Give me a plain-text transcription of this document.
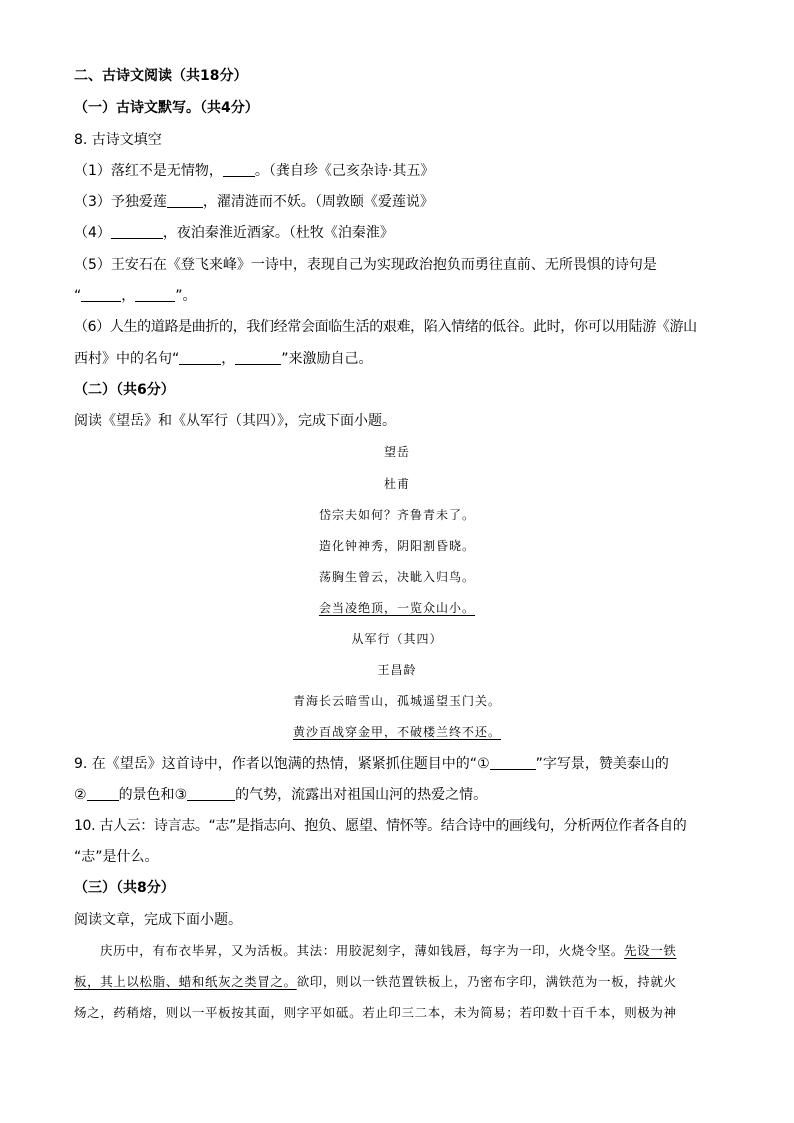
二、古诗文阅读（共18分）
（一）古诗文默写。（共4分）
8. 古诗文填空
（1）落红不是无情物， 。（龚自珍《己亥杂诗·其五》
（3）予独爱莲	，濯清涟而不妖。（周敦颐《爱莲说》
（4）	，夜泊秦淮近酒家。（杜牧《泊秦淮》
（5）王安石在《登飞来峰》一诗中，表现自己为实现政治抱负而勇往直前、无所畏惧的诗句是
“	，	”。
（6）人生的道路是曲折的，我们经常会面临生活的艰难，陷入情绪的低谷。此时，你可以用陆游《游山
西村》中的名句“	，	”来激励自己。
（二）（共6分）
阅读《望岳》和《从军行（其四）》，完成下面小题。
望岳
杜甫
岱宗夫如何？齐鲁青未了。
造化钟神秀，阴阳割昏晓。
荡胸生曾云，决眦入归鸟。
会当凌绝顶，一览众山小。
从军行（其四）
王昌龄
青海长云暗雪山，孤城遥望玉门关。
黄沙百战穿金甲，不破楼兰终不还。
9. 在《望岳》这首诗中，作者以饱满的热情，紧紧抓住题目中的“①	”字写景，赞美泰山的
② 的景色和③	的气势，流露出对祖国山河的热爱之情。
10. 古人云：诗言志。“志”是指志向、抱负、愿望、情怀等。结合诗中的画线句，分析两位作者各自的
“志”是什么。
（三）（共8分）
阅读文章，完成下面小题。
庆历中，有布衣毕昇，又为活板。其法：用胶泥刻字，薄如钱唇，每字为一印，火烧令坚。先设一铁
板，其上以松脂、蜡和纸灰之类冒之。欲印，则以一铁范置铁板上，乃密布字印，满铁范为一板，持就火
炀之，药稍熔，则以一平板按其面，则字平如砥。若止印三二本，未为简易；若印数十百千本，则极为神
